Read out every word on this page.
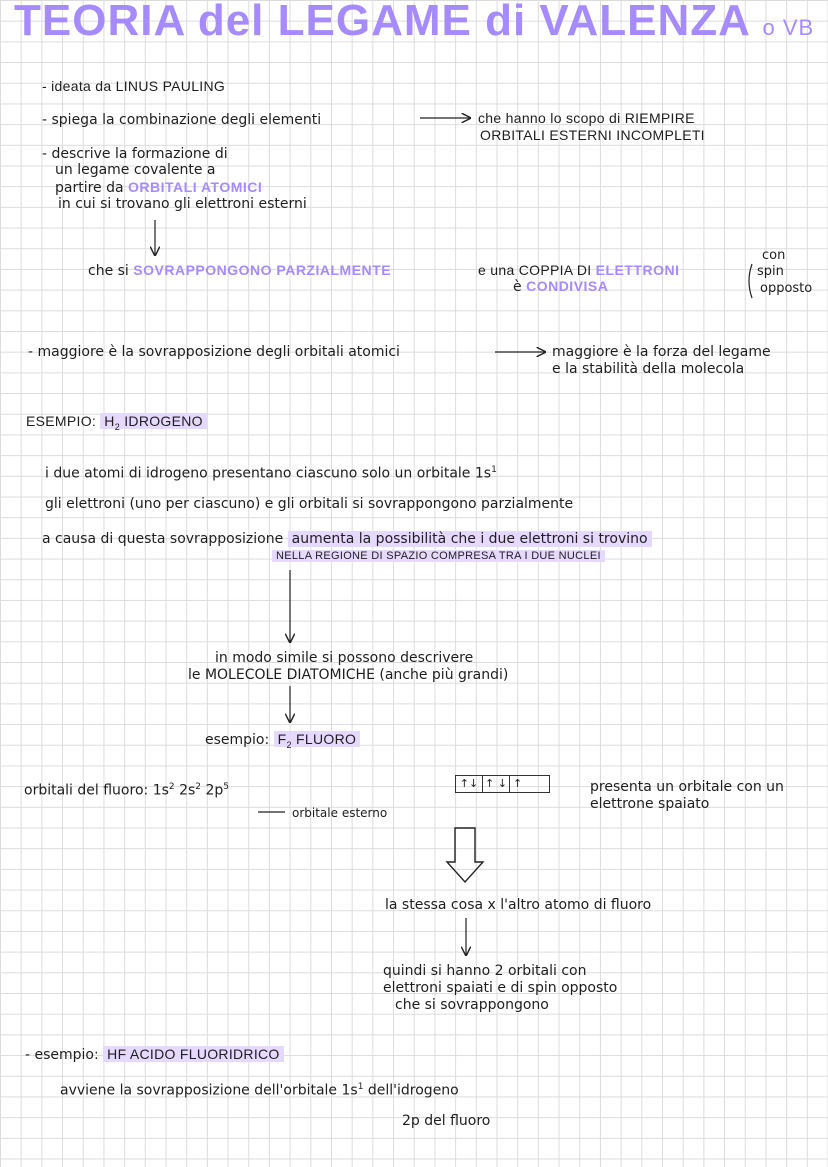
TEORIA del LEGAME di VALENZA o VB
- ideata da LINUS PAULING
- spiega la combinazione degli elementi	che hanno lo scopo di RIEMPIRE
ORBITALI ESTERNI INCOMPLETI
- descrive la formazione di
un legame covalente a
partire da ORBITALI ATOMICI
in cui si trovano gli elettroni esterni
che si SOVRAPPONGONO PARZIALMENTE	e una COPPIA DI ELETTRONI
è CONDIVISA
con
spin
opposto
- maggiore è la sovrapposizione degli orbitali atomici	maggiore è la forza del legame
e la stabilità della molecola
ESEMPIO: $H_2$ IDROGENO
i due atomi di idrogeno presentano ciascuno solo un orbitale $1s^1$
gli elettroni (uno per ciascuno) e gli orbitali si sovrappongono parzialmente
a causa di questa sovrapposizione aumenta la possibilità che i due elettroni si trovino
NELLA REGIONE DI SPAZIO COMPRESA TRA I DUE NUCLEI
in modo simile si possono descrivere
le MOLECOLE DIATOMICHE (anche più grandi)
esempio: $F_2$ FLUORO
orbitali del fluoro: $1s^2$ $2s^2$ $2p^5$
orbitale esterno
↑↓ ↑ ↓ ↑	presenta un orbitale con un
elettrone spaiato
la stessa cosa x l'altro atomo di fluoro
quindi si hanno 2 orbitali con
elettroni spaiati e di spin opposto
che si sovrappongono
- esempio: HF ACIDO FLUORIDRICO
avviene la sovrapposizione dell'orbitale $1s^1$ dell'idrogeno
2p del fluoro
